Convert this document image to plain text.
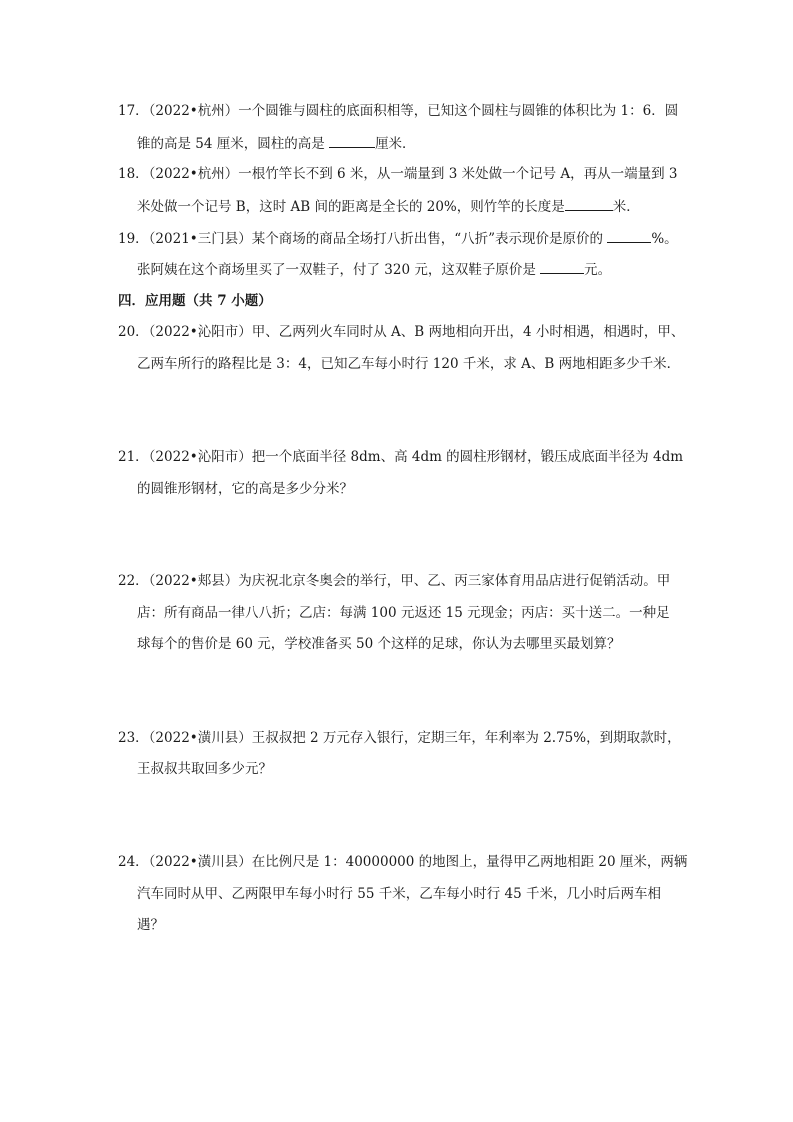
17．（2022•杭州）一个圆锥与圆柱的底面积相等，已知这个圆柱与圆锥的体积比为 1：6．圆
锥的高是 54 厘米，圆柱的高是	厘米．
18．（2022•杭州）一根竹竿长不到 6 米，从一端量到 3 米处做一个记号 A，再从一端量到 3
米处做一个记号 B，这时 AB 间的距离是全长的 20%，则竹竿的长度是	米．
19．（2021•三门县）某个商场的商品全场打八折出售，“八折”表示现价是原价的	%。
张阿姨在这个商场里买了一双鞋子，付了 320 元，这双鞋子原价是	元。
四．应用题（共 7 小题）
20．（2022•沁阳市）甲、乙两列火车同时从 A、B 两地相向开出，4 小时相遇，相遇时，甲、
乙两车所行的路程比是 3：4，已知乙车每小时行 120 千米，求 A、B 两地相距多少千米．
21．（2022•沁阳市）把一个底面半径 8dm、高 4dm 的圆柱形钢材，锻压成底面半径为 4dm
的圆锥形钢材，它的高是多少分米？
22．（2022•郏县）为庆祝北京冬奥会的举行，甲、乙、丙三家体育用品店进行促销活动。甲
店：所有商品一律八八折；乙店：每满 100 元返还 15 元现金；丙店：买十送二。一种足
球每个的售价是 60 元，学校准备买 50 个这样的足球，你认为去哪里买最划算？
23．（2022•潢川县）王叔叔把 2 万元存入银行，定期三年，年利率为 2.75%，到期取款时，
王叔叔共取回多少元？
24．（2022•潢川县）在比例尺是 1：40000000 的地图上，量得甲乙两地相距 20 厘米，两辆
汽车同时从甲、乙两限甲车每小时行 55 千米，乙车每小时行 45 千米，几小时后两车相
遇？
